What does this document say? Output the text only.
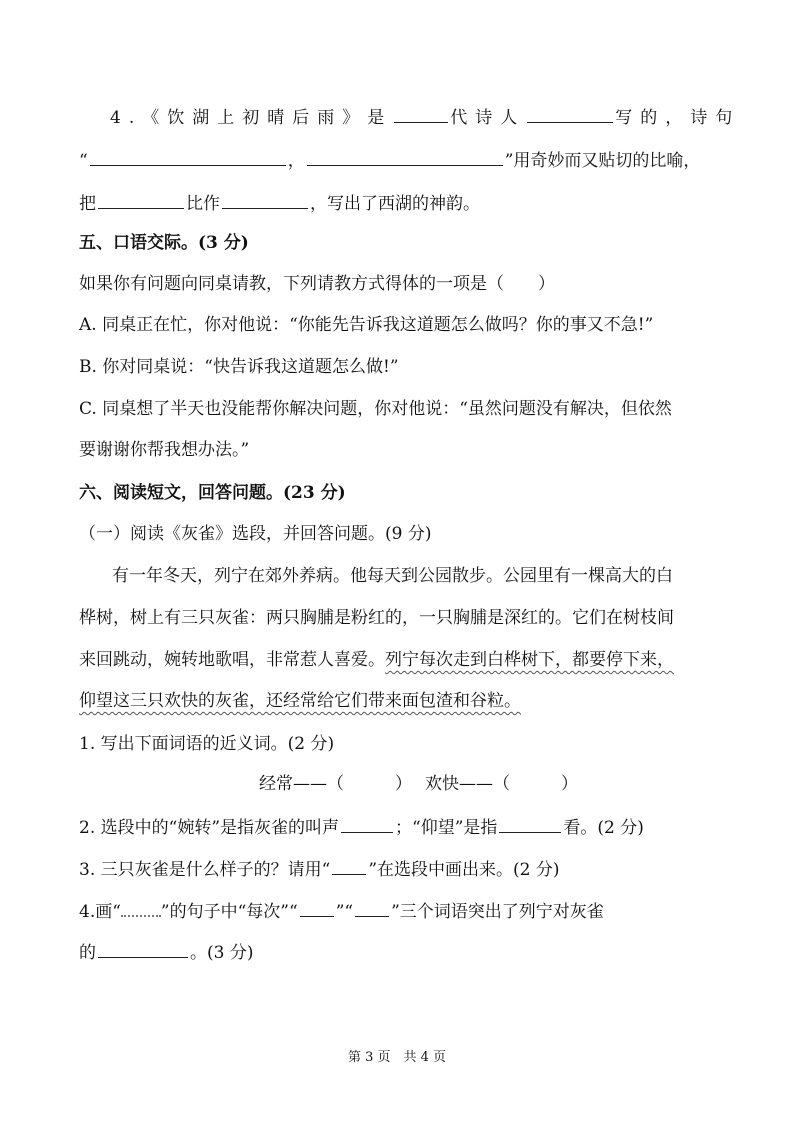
4.《饮湖上初晴后雨》是	代诗人	写的，诗句
“	，	”用奇妙而又贴切的比喻，
把	比作	，写出了西湖的神韵。
五、口语交际。(3 分)
如果你有问题向同桌请教，下列请教方式得体的一项是（　　）
A. 同桌正在忙，你对他说：“你能先告诉我这道题怎么做吗？你的事又不急!”
B. 你对同桌说：“快告诉我这道题怎么做!”
C. 同桌想了半天也没能帮你解决问题，你对他说：“虽然问题没有解决，但依然
要谢谢你帮我想办法。”
六、阅读短文，回答问题。(23 分)
（一）阅读《灰雀》选段，并回答问题。(9 分)
有一年冬天，列宁在郊外养病。他每天到公园散步。公园里有一棵高大的白
桦树，树上有三只灰雀：两只胸脯是粉红的，一只胸脯是深红的。它们在树枝间
来回跳动，婉转地歌唱，非常惹人喜爱。列宁每次走到白桦树下，都要停下来，
仰望这三只欢快的灰雀，还经常给它们带来面包渣和谷粒。
1. 写出下面词语的近义词。(2 分)
经常——（　　　） 欢快——（　　　）
2. 选段中的“婉转”是指灰雀的叫声	；“仰望”是指	看。(2 分)
3. 三只灰雀是什么样子的？请用“ ”在选段中画出来。(2 分)
4.画“ ”的句子中“每次”“ ”“ ”三个词语突出了列宁对灰雀
的	。(3 分)
第 3 页　共 4 页
